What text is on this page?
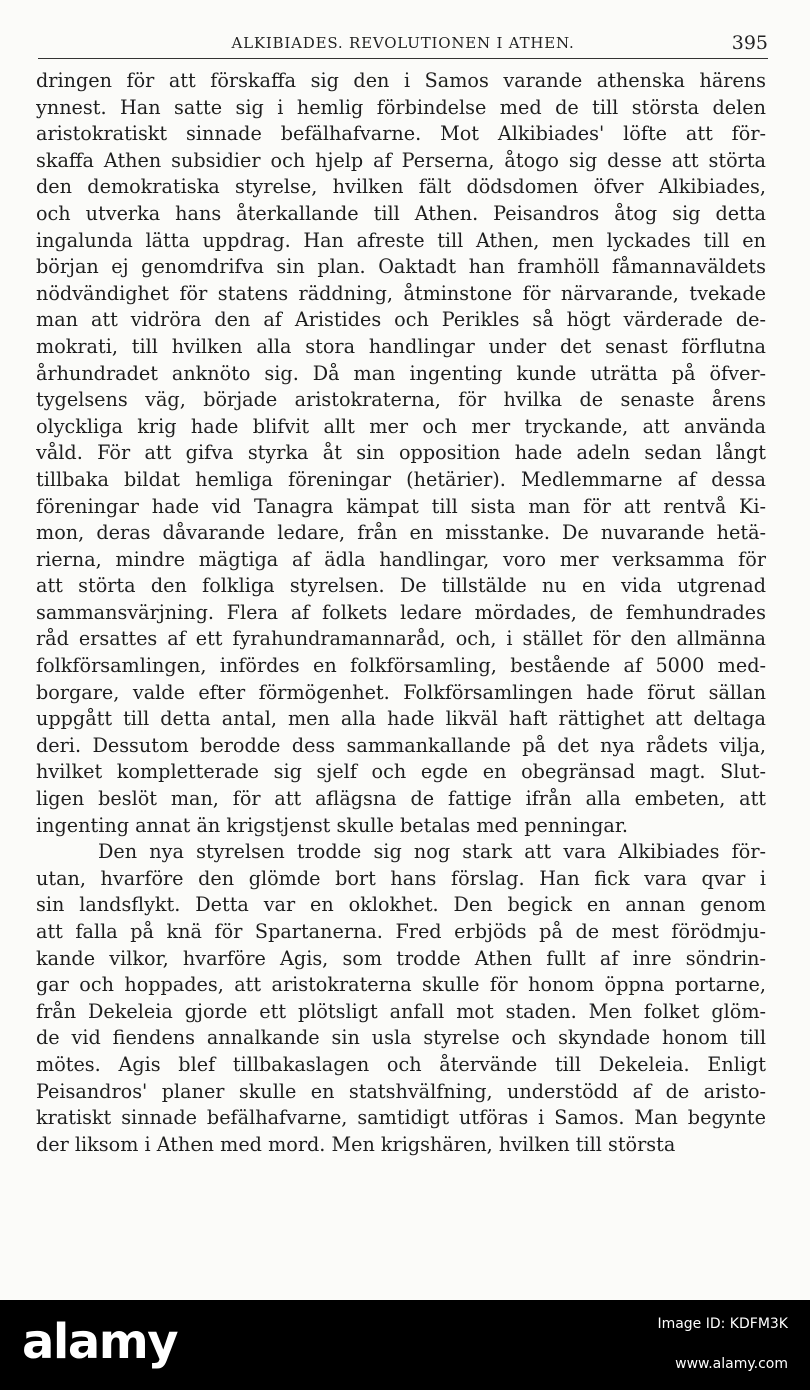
ALKIBIADES. REVOLUTIONEN I ATHEN.	395
dringen för att förskaffa sig den i Samos varande athenska härens
ynnest. Han satte sig i hemlig förbindelse med de till största delen
aristokratiskt sinnade befälhafvarne. Mot Alkibiades' löfte att för-
skaffa Athen subsidier och hjelp af Perserna, åtogo sig desse att störta
den demokratiska styrelse, hvilken fält dödsdomen öfver Alkibiades,
och utverka hans återkallande till Athen. Peisandros åtog sig detta
ingalunda lätta uppdrag. Han afreste till Athen, men lyckades till en
början ej genomdrifva sin plan. Oaktadt han framhöll fåmannaväldets
nödvändighet för statens räddning, åtminstone för närvarande, tvekade
man att vidröra den af Aristides och Perikles så högt värderade de-
mokrati, till hvilken alla stora handlingar under det senast förflutna
århundradet anknöto sig. Då man ingenting kunde uträtta på öfver-
tygelsens väg, började aristokraterna, för hvilka de senaste årens
olyckliga krig hade blifvit allt mer och mer tryckande, att använda
våld. För att gifva styrka åt sin opposition hade adeln sedan långt
tillbaka bildat hemliga föreningar (hetärier). Medlemmarne af dessa
föreningar hade vid Tanagra kämpat till sista man för att rentvå Ki-
mon, deras dåvarande ledare, från en misstanke. De nuvarande hetä-
rierna, mindre mägtiga af ädla handlingar, voro mer verksamma för
att störta den folkliga styrelsen. De tillstälde nu en vida utgrenad
sammansvärjning. Flera af folkets ledare mördades, de femhundrades
råd ersattes af ett fyrahundramannaråd, och, i stället för den allmänna
folkförsamlingen, infördes en folkförsamling, bestående af 5000 med-
borgare, valde efter förmögenhet. Folkförsamlingen hade förut sällan
uppgått till detta antal, men alla hade likväl haft rättighet att deltaga
deri. Dessutom berodde dess sammankallande på det nya rådets vilja,
hvilket kompletterade sig sjelf och egde en obegränsad magt. Slut-
ligen beslöt man, för att aflägsna de fattige ifrån alla embeten, att
ingenting annat än krigstjenst skulle betalas med penningar.
Den nya styrelsen trodde sig nog stark att vara Alkibiades för-
utan, hvarföre den glömde bort hans förslag. Han fick vara qvar i
sin landsflykt. Detta var en oklokhet. Den begick en annan genom
att falla på knä för Spartanerna. Fred erbjöds på de mest förödmju-
kande vilkor, hvarföre Agis, som trodde Athen fullt af inre söndrin-
gar och hoppades, att aristokraterna skulle för honom öppna portarne,
från Dekeleia gjorde ett plötsligt anfall mot staden. Men folket glöm-
de vid fiendens annalkande sin usla styrelse och skyndade honom till
mötes. Agis blef tillbakaslagen och återvände till Dekeleia. Enligt
Peisandros' planer skulle en statshvälfning, understödd af de aristo-
kratiskt sinnade befälhafvarne, samtidigt utföras i Samos. Man begynte
der liksom i Athen med mord. Men krigshären, hvilken till största
alamy	Image ID: KDFM3K
www.alamy.com
